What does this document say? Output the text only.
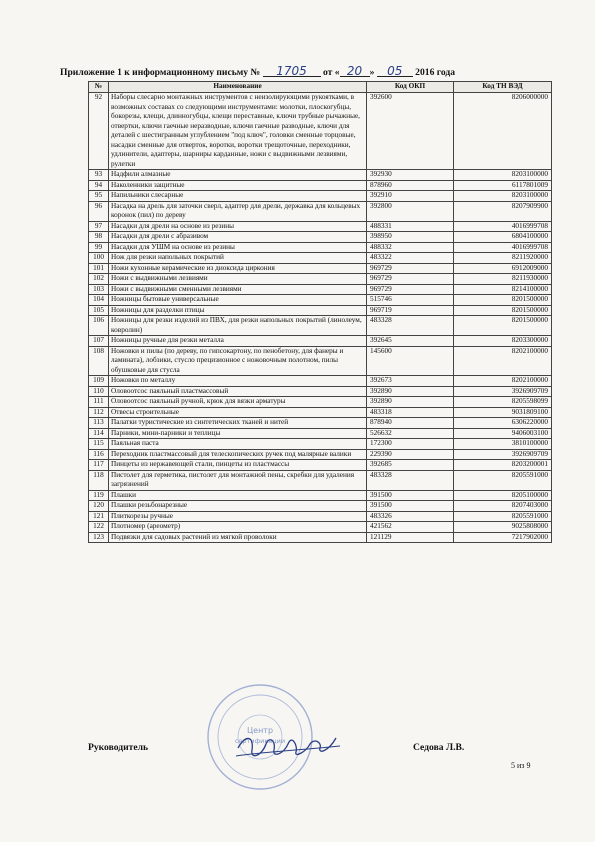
Приложение 1 к информационному письму № 1705 от « 20 » 05 2016 года
№	Наименование	Код ОКП	Код ТН ВЭД
92	Наборы слесарно монтажных инструментов с неизолирующими рукоятками, в возможных составах со следующими инструментами: молотки, плоскогубцы, бокорезы, клещи, длинногубцы, клещи переставные, ключи трубные рычажные, отвертки, ключи гаечные неразводные, ключи гаечные разводные, ключи для деталей с шестигранным углублением "под ключ", головки сменные торцовые, насадки сменные для отверток, воротки, воротки трещоточные, переходники, удлинители, адаптеры, шарниры карданные, ножи с выдвижными лезвиями, рулетки	392600	8206000000
93	Надфили алмазные	392930	8203100000
94	Наколенники защитные	878960	6117801009
95	Напильники слесарные	392910	8203100000
96	Насадка на дрель для заточки сверл, адаптер для дрели, державка для кольцевых коронок (пил) по дереву	392800	8207909900
97	Насадки для дрели на основе из резины	488331	4016999708
98	Насадки для дрели с абразивом	398950	6804100000
99	Насадки для УШМ на основе из резины	488332	4016999708
100	Нож для резки напольных покрытий	483322	8211920000
101	Ножи кухонные керамические из диоксида циркония	969729	6912009000
102	Ножи с выдвижными лезвиями	969729	8211930000
103	Ножи с выдвижными сменными лезвиями	969729	8214100000
104	Ножницы бытовые универсальные	515746	8201500000
105	Ножницы для разделки птицы	969719	8201500000
106	Ножницы для резки изделий из ПВХ, для резки напольных покрытий (линолеум, ковролин)	483328	8201500000
107	Ножницы ручные для резки металла	392645	8203300000
108	Ножовки и пилы (по дереву, по гипсокартону, по пенобетону, для фанеры и ламината), лобзики, стусло прецизионное с ножовочным полотном, пилы обушковые для стусла	145600	8202100000
109	Ножовки по металлу	392673	8202100000
110	Оловоотсос паяльный пластмассовый	392890	3926909709
111	Оловоотсос паяльный ручной, крюк для вязки арматуры	392890	8205598099
112	Отвесы строительные	483318	9031809100
113	Палатки туристические из синтетических тканей и нитей	878940	6306220000
114	Парники, мини-парники и теплицы	526632	9406003100
115	Паяльная паста	172300	3810100000
116	Переходник пластмассовый для телескопических ручек под малярные валики	229390	3926909709
117	Пинцеты из нержавеющей стали, пинцеты из пластмассы	392685	8203200001
118	Пистолет для герметика, пистолет для монтажной пены, скребки для удаления загрязнений	483328	8205591000
119	Плашки	391500	8205100000
120	Плашки резьбонарезные	391500	8207403000
121	Плиткорезы ручные	483326	8205591000
122	Плотномер (ареометр)	421562	9025808000
123	Подвязки для садовых растений из мягкой проволоки	121129	7217902000
Центр
сертификации
Руководитель	Седова Л.В.
5 из 9
